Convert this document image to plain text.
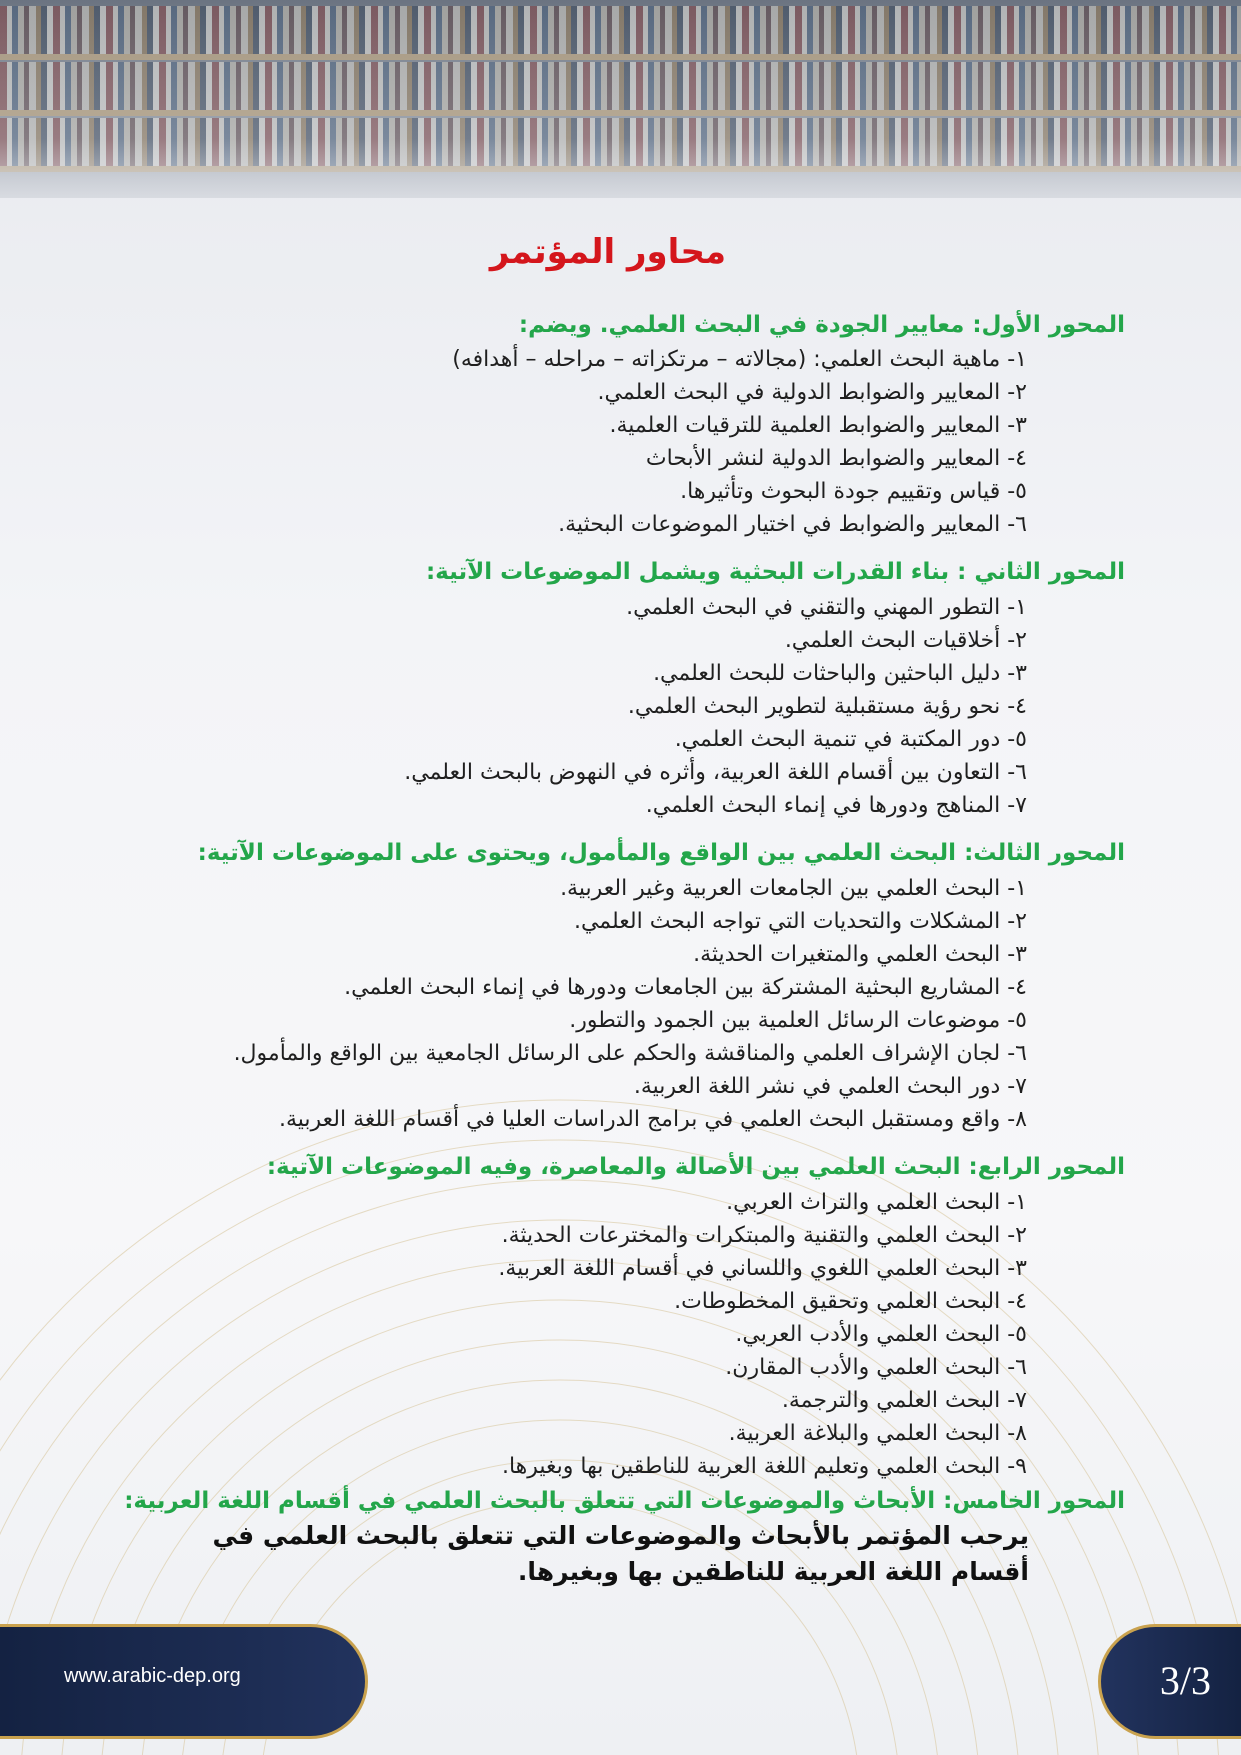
محاور المؤتمر
المحور الأول: معايير الجودة في البحث العلمي. ويضم:

١- ماهية البحث العلمي: (مجالاته – مرتكزاته – مراحله – أهدافه)

٢- المعايير والضوابط الدولية في البحث العلمي.

٣- المعايير والضوابط العلمية للترقيات العلمية.

٤- المعايير والضوابط الدولية لنشر الأبحاث

٥- قياس وتقييم جودة البحوث وتأثيرها.

٦- المعايير والضوابط في اختيار الموضوعات البحثية.

المحور الثاني : بناء القدرات البحثية ويشمل الموضوعات الآتية:

١- التطور المهني والتقني في البحث العلمي.

٢- أخلاقيات البحث العلمي.

٣- دليل الباحثين والباحثات للبحث العلمي.

٤- نحو رؤية مستقبلية لتطوير البحث العلمي.

٥- دور المكتبة في تنمية البحث العلمي.

٦- التعاون بين أقسام اللغة العربية، وأثره في النهوض بالبحث العلمي.

٧- المناهج ودورها في إنماء البحث العلمي.

المحور الثالث: البحث العلمي بين الواقع والمأمول، ويحتوى على الموضوعات الآتية:

١- البحث العلمي بين الجامعات العربية وغير العربية.

٢- المشكلات والتحديات التي تواجه البحث العلمي.

٣- البحث العلمي والمتغيرات الحديثة.

٤- المشاريع البحثية المشتركة بين الجامعات ودورها في إنماء البحث العلمي.

٥- موضوعات الرسائل العلمية بين الجمود والتطور.

٦- لجان الإشراف العلمي والمناقشة والحكم على الرسائل الجامعية بين الواقع والمأمول.

٧- دور البحث العلمي في نشر اللغة العربية.

٨- واقع ومستقبل البحث العلمي في برامج الدراسات العليا في أقسام اللغة العربية.

المحور الرابع: البحث العلمي بين الأصالة والمعاصرة، وفيه الموضوعات الآتية:

١- البحث العلمي والتراث العربي.

٢- البحث العلمي والتقنية والمبتكرات والمخترعات الحديثة.

٣- البحث العلمي اللغوي واللساني في أقسام اللغة العربية.

٤- البحث العلمي وتحقيق المخطوطات.

٥- البحث العلمي والأدب العربي.

٦- البحث العلمي والأدب المقارن.

٧- البحث العلمي والترجمة.

٨- البحث العلمي والبلاغة العربية.

٩- البحث العلمي وتعليم اللغة العربية للناطقين بها وبغيرها.

المحور الخامس: الأبحاث والموضوعات التي تتعلق بالبحث العلمي في أقسام اللغة العربية:

يرحب المؤتمر بالأبحاث والموضوعات التي تتعلق بالبحث العلمي في أقسام اللغة العربية للناطقين بها وبغيرها.

www.arabic-dep.org	3/3
